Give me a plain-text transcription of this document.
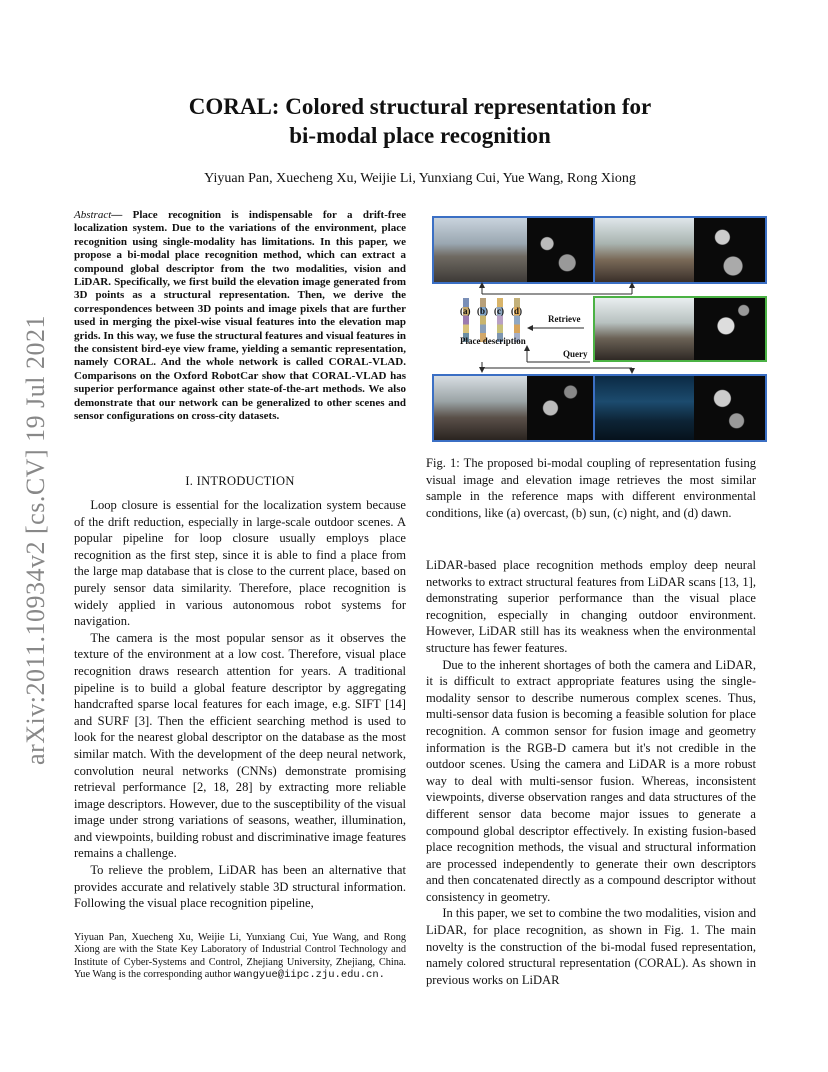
arXiv:2011.10934v2 [cs.CV] 19 Jul 2021
CORAL: Colored structural representation for
bi-modal place recognition
Yiyuan Pan, Xuecheng Xu, Weijie Li, Yunxiang Cui, Yue Wang, Rong Xiong
Abstract— Place recognition is indispensable for a drift-free localization system. Due to the variations of the environment, place recognition using single-modality has limitations. In this paper, we propose a bi-modal place recognition method, which can extract a compound global descriptor from the two modalities, vision and LiDAR. Specifically, we first build the elevation image generated from 3D points as a structural representation. Then, we derive the correspondences between 3D points and image pixels that are further used in merging the pixel-wise visual features into the elevation map grids. In this way, we fuse the structural features and visual features in the consistent bird-eye view frame, yielding a semantic representation, namely CORAL. And the whole network is called CORAL-VLAD. Comparisons on the Oxford RobotCar show that CORAL-VLAD has superior performance against other state-of-the-art methods. We also demonstrate that our network can be generalized to other scenes and sensor configurations on cross-city datasets.
I. INTRODUCTION

Loop closure is essential for the localization system because of the drift reduction, especially in large-scale outdoor scenes. A popular pipeline for loop closure usually employs place recognition as the first step, since it is able to find a place from the large map database that is close to the current place, based on purely sensor data similarity. Therefore, place recognition is widely applied in various autonomous robot systems for navigation.

The camera is the most popular sensor as it observes the texture of the environment at a low cost. Therefore, visual place recognition draws research attention for years. A traditional pipeline is to build a global feature descriptor by aggregating handcrafted sparse local features for each image, e.g. SIFT [14] and SURF [3]. Then the efficient searching method is used to look for the nearest global descriptor on the database as the most similar match. With the development of the deep neural network, convolution neural networks (CNNs) demonstrate promising retrieval performance [2, 18, 28] by extracting more reliable image descriptors. However, due to the susceptibility of the visual image under strong variations of seasons, weather, illumination, and viewpoints, building robust and discriminative image features remains a challenge.

To relieve the problem, LiDAR has been an alternative that provides accurate and relatively stable 3D structural information. Following the visual place recognition pipeline,

Yiyuan Pan, Xuecheng Xu, Weijie Li, Yunxiang Cui, Yue Wang, and Rong Xiong are with the State Key Laboratory of Industrial Control Technology and Institute of Cyber-Systems and Control, Zhejiang University, Zhejiang, China. Yue Wang is the corresponding author wangyue@iipc.zju.edu.cn.
(a) (b) (c) (d)
Retrieve
Place description
Query
Fig. 1: The proposed bi-modal coupling of representation fusing visual image and elevation image retrieves the most similar sample in the reference maps with different environmental conditions, like (a) overcast, (b) sun, (c) night, and (d) dawn.

LiDAR-based place recognition methods employ deep neural networks to extract structural features from LiDAR scans [13, 1], demonstrating superior performance than the visual place recognition, especially in changing outdoor environment. However, LiDAR still has its weakness when the environmental structure has fewer features.

Due to the inherent shortages of both the camera and LiDAR, it is difficult to extract appropriate features using the single-modality sensor to describe numerous complex scenes. Thus, multi-sensor data fusion is becoming a feasible solution for place recognition. A common sensor for fusion image and geometry information is the RGB-D camera but it's not credible in the outdoor scenes. Using the camera and LiDAR is a more robust way to deal with multi-sensor fusion. Whereas, inconsistent viewpoints, diverse observation ranges and data structures of the different sensor data become major issues to generate a compound global descriptor effectively. In existing fusion-based place recognition methods, the visual and structural information are processed independently to generate their own descriptors and then concatenated directly as a compound descriptor without consistency in geometry.

In this paper, we set to combine the two modalities, vision and LiDAR, for place recognition, as shown in Fig. 1. The main novelty is the construction of the bi-modal fused representation, namely colored structural representation (CORAL). As shown in previous works on LiDAR
